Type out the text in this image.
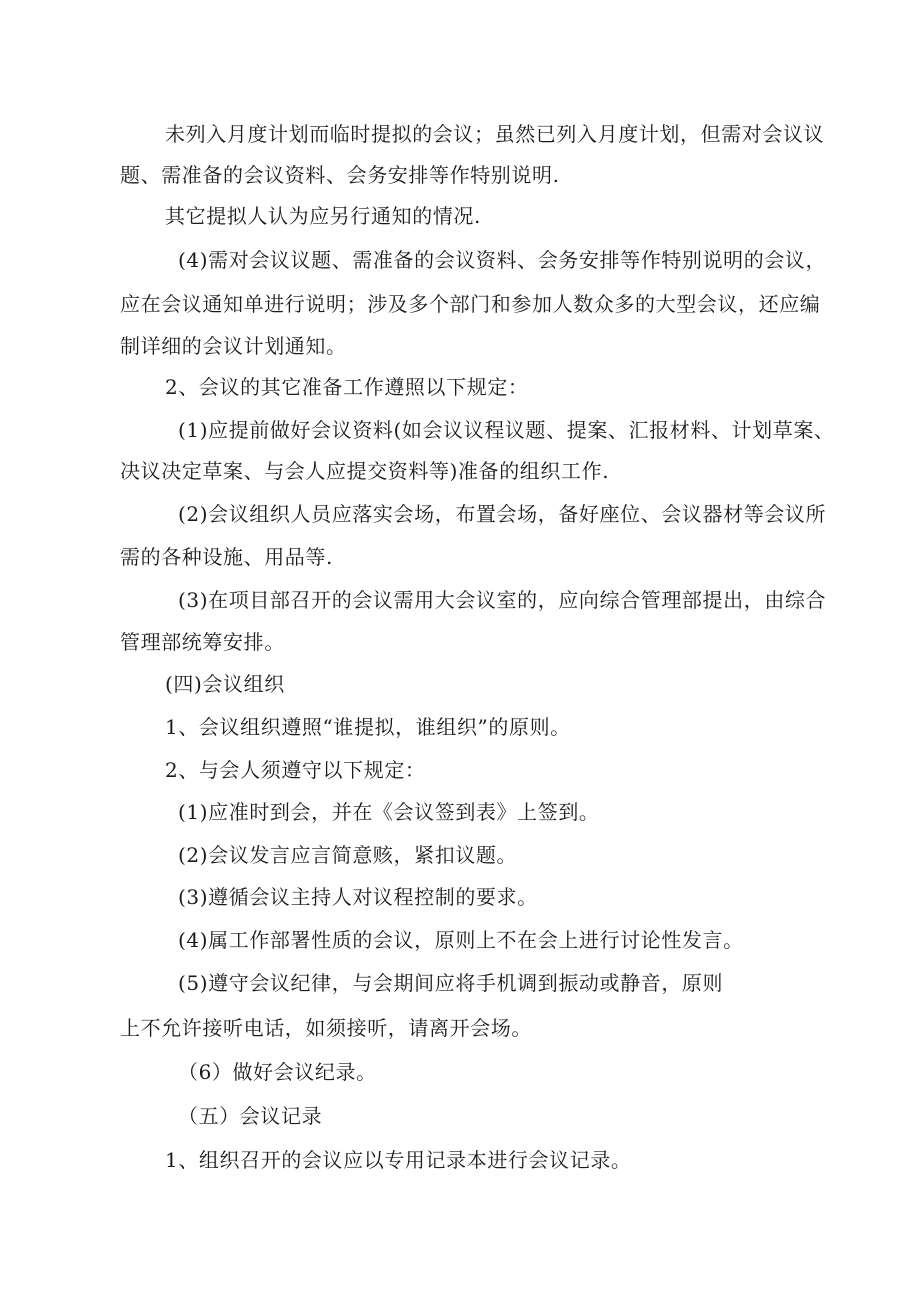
未列入月度计划而临时提拟的会议；虽然已列入月度计划，但需对会议议
题、需准备的会议资料、会务安排等作特别说明.
其它提拟人认为应另行通知的情况.
(4)需对会议议题、需准备的会议资料、会务安排等作特别说明的会议，
应在会议通知单进行说明；涉及多个部门和参加人数众多的大型会议，还应编
制详细的会议计划通知。
2、会议的其它准备工作遵照以下规定：
(1)应提前做好会议资料(如会议议程议题、提案、汇报材料、计划草案、
决议决定草案、与会人应提交资料等)准备的组织工作.
(2)会议组织人员应落实会场，布置会场，备好座位、会议器材等会议所
需的各种设施、用品等.
(3)在项目部召开的会议需用大会议室的，应向综合管理部提出，由综合
管理部统筹安排。
(四)会议组织
1、会议组织遵照“谁提拟，谁组织”的原则。
2、与会人须遵守以下规定：
(1)应准时到会，并在《会议签到表》上签到。
(2)会议发言应言简意赅，紧扣议题。
(3)遵循会议主持人对议程控制的要求。
(4)属工作部署性质的会议，原则上不在会上进行讨论性发言。
(5)遵守会议纪律，与会期间应将手机调到振动或静音，原则
上不允许接听电话，如须接听，请离开会场。
（6）做好会议纪录。
（五）会议记录
1、组织召开的会议应以专用记录本进行会议记录。
